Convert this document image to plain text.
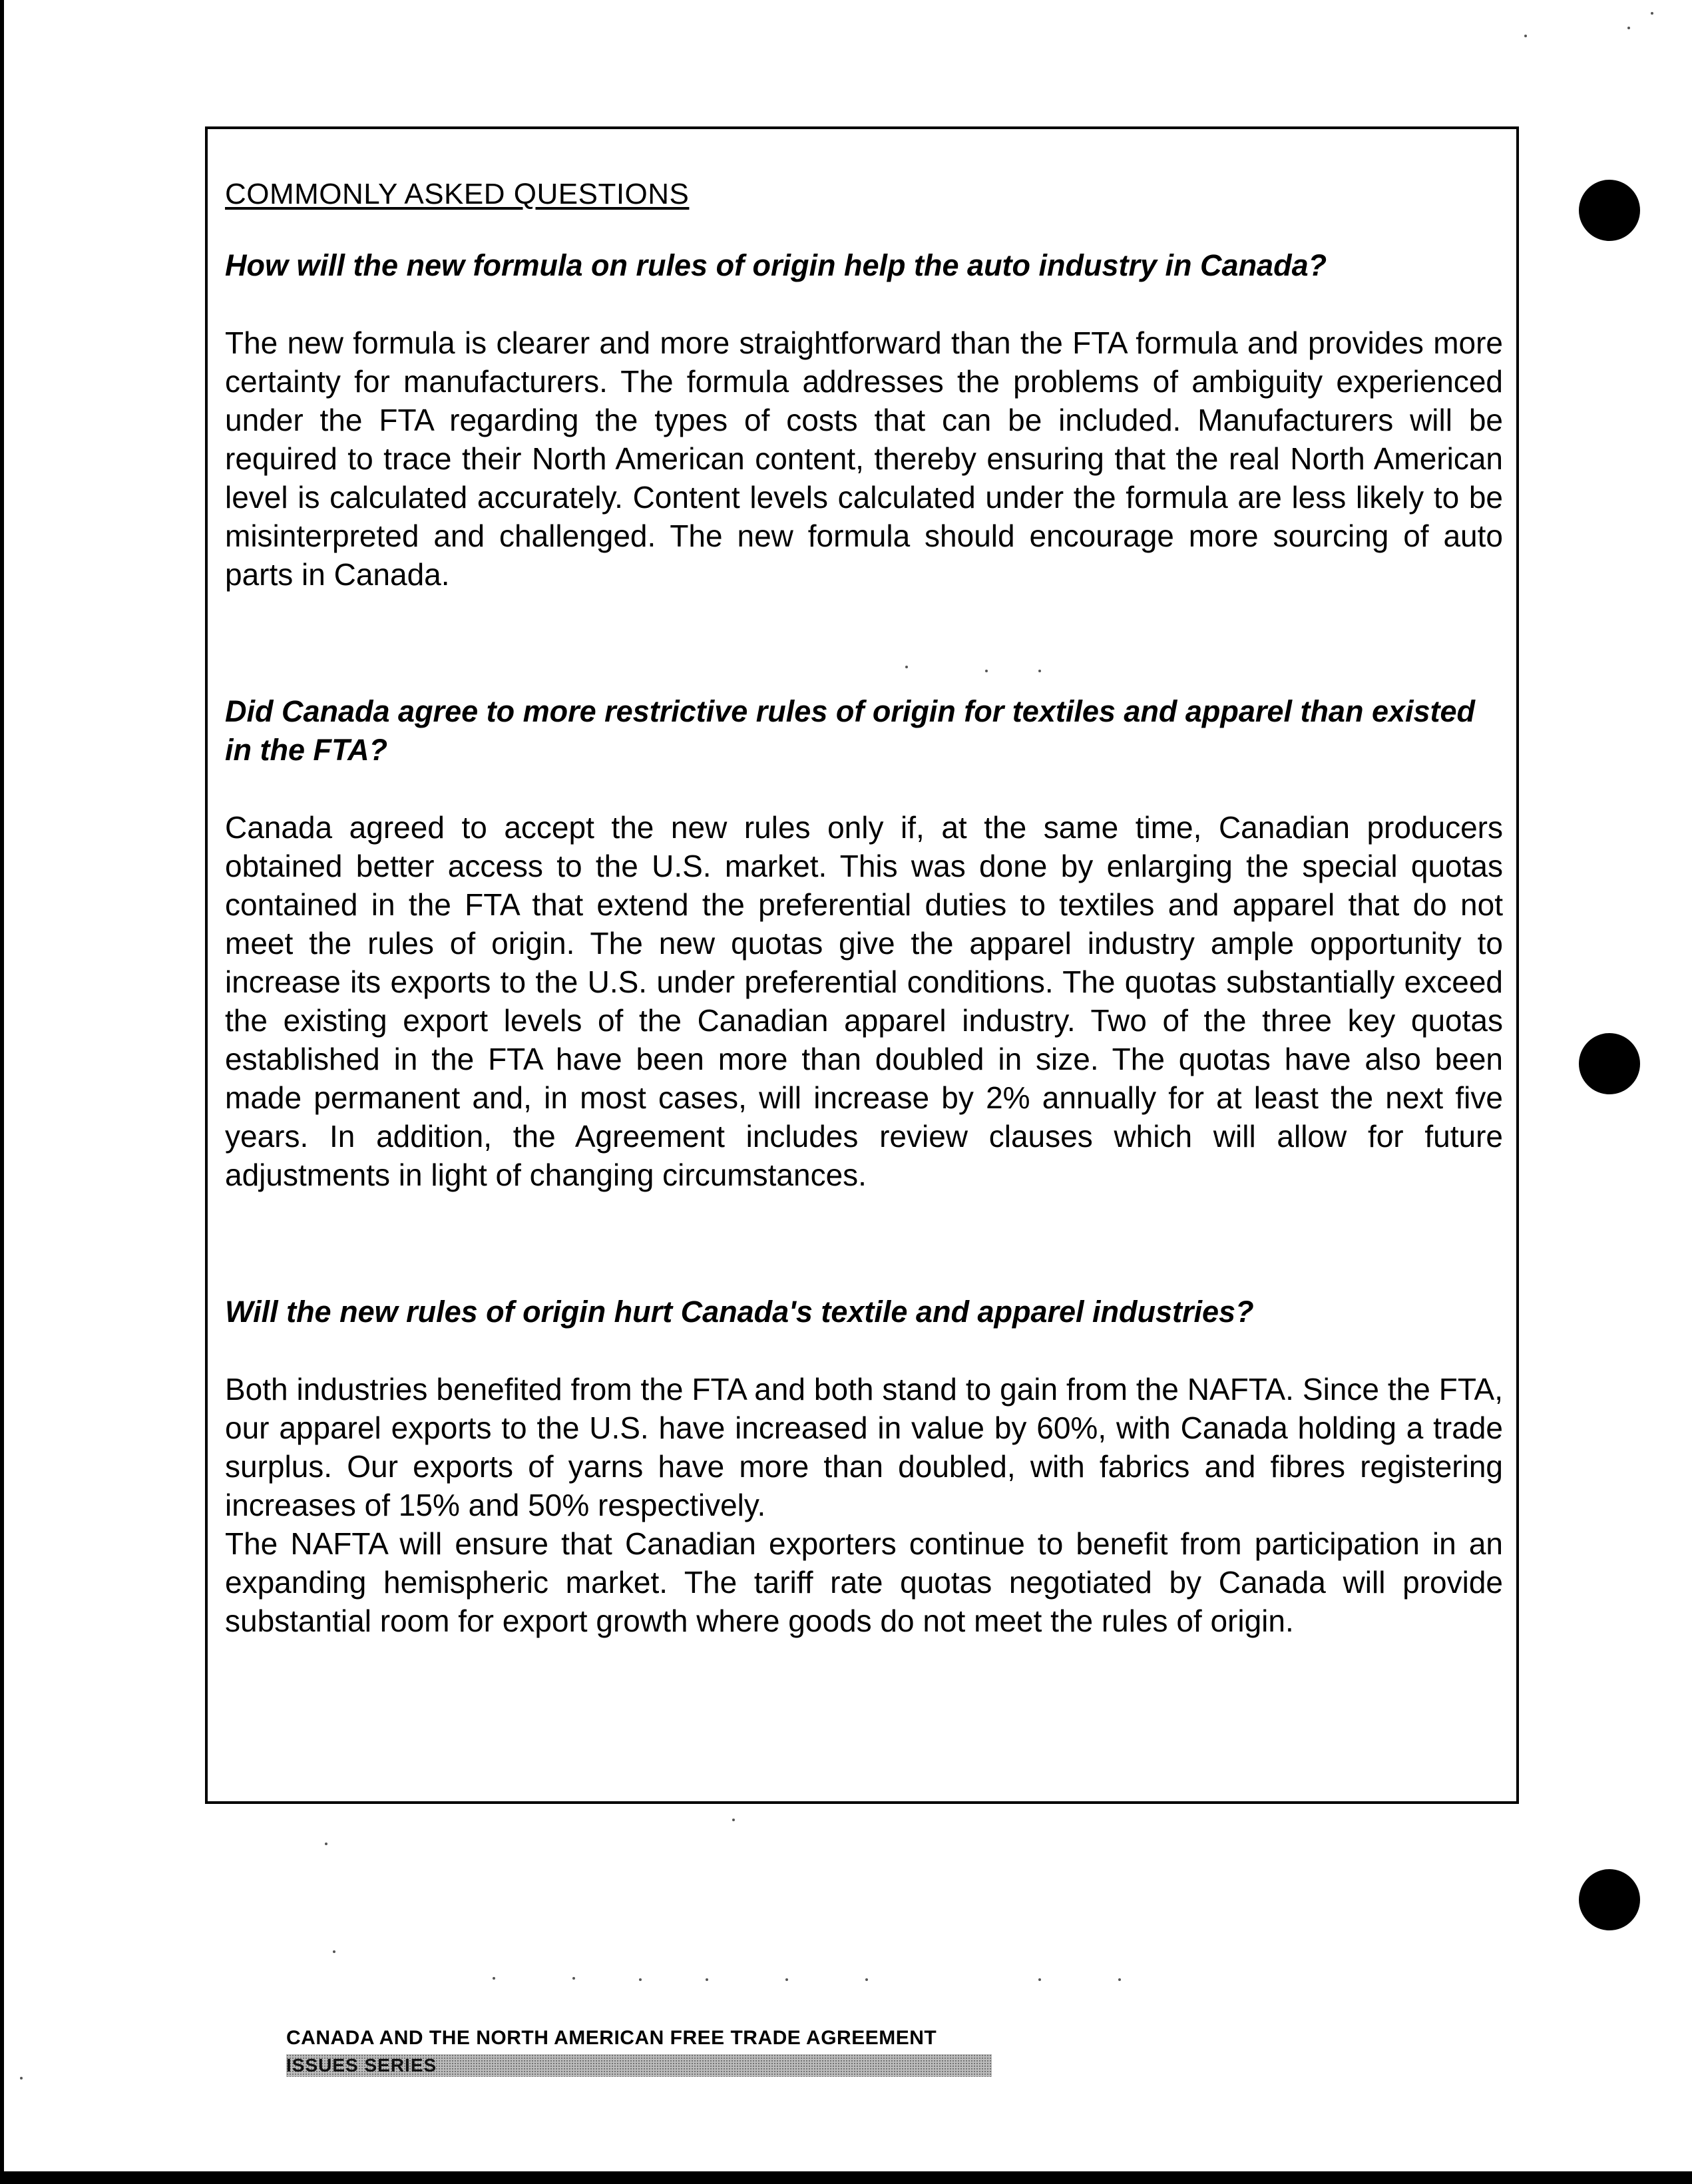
COMMONLY ASKED QUESTIONS
How will the new formula on rules of origin help the auto industry in Canada?

The new formula is clearer and more straightforward than the FTA formula and provides more certainty for manufacturers. The formula addresses the problems of ambiguity experienced under the FTA regarding the types of costs that can be included. Manufacturers will be required to trace their North American content, thereby ensuring that the real North American level is calculated accurately. Content levels calculated under the formula are less likely to be misinterpreted and challenged. The new formula should encourage more sourcing of auto parts in Canada.

Did Canada agree to more restrictive rules of origin for textiles and apparel than existed in the FTA?

Canada agreed to accept the new rules only if, at the same time, Canadian producers obtained better access to the U.S. market. This was done by enlarging the special quotas contained in the FTA that extend the preferential duties to textiles and apparel that do not meet the rules of origin. The new quotas give the apparel industry ample opportunity to increase its exports to the U.S. under preferential conditions. The quotas substantially exceed the existing export levels of the Canadian apparel industry. Two of the three key quotas established in the FTA have been more than doubled in size. The quotas have also been made permanent and, in most cases, will increase by 2% annually for at least the next five years. In addition, the Agreement includes review clauses which will allow for future adjustments in light of changing circumstances.

Will the new rules of origin hurt Canada's textile and apparel industries?

Both industries benefited from the FTA and both stand to gain from the NAFTA. Since the FTA, our apparel exports to the U.S. have increased in value by 60%, with Canada holding a trade surplus. Our exports of yarns have more than doubled, with fabrics and fibres registering increases of 15% and 50% respectively.

The NAFTA will ensure that Canadian exporters continue to benefit from participation in an expanding hemispheric market. The tariff rate quotas negotiated by Canada will provide substantial room for export growth where goods do not meet the rules of origin.

CANADA AND THE NORTH AMERICAN FREE TRADE AGREEMENT
ISSUES SERIES
